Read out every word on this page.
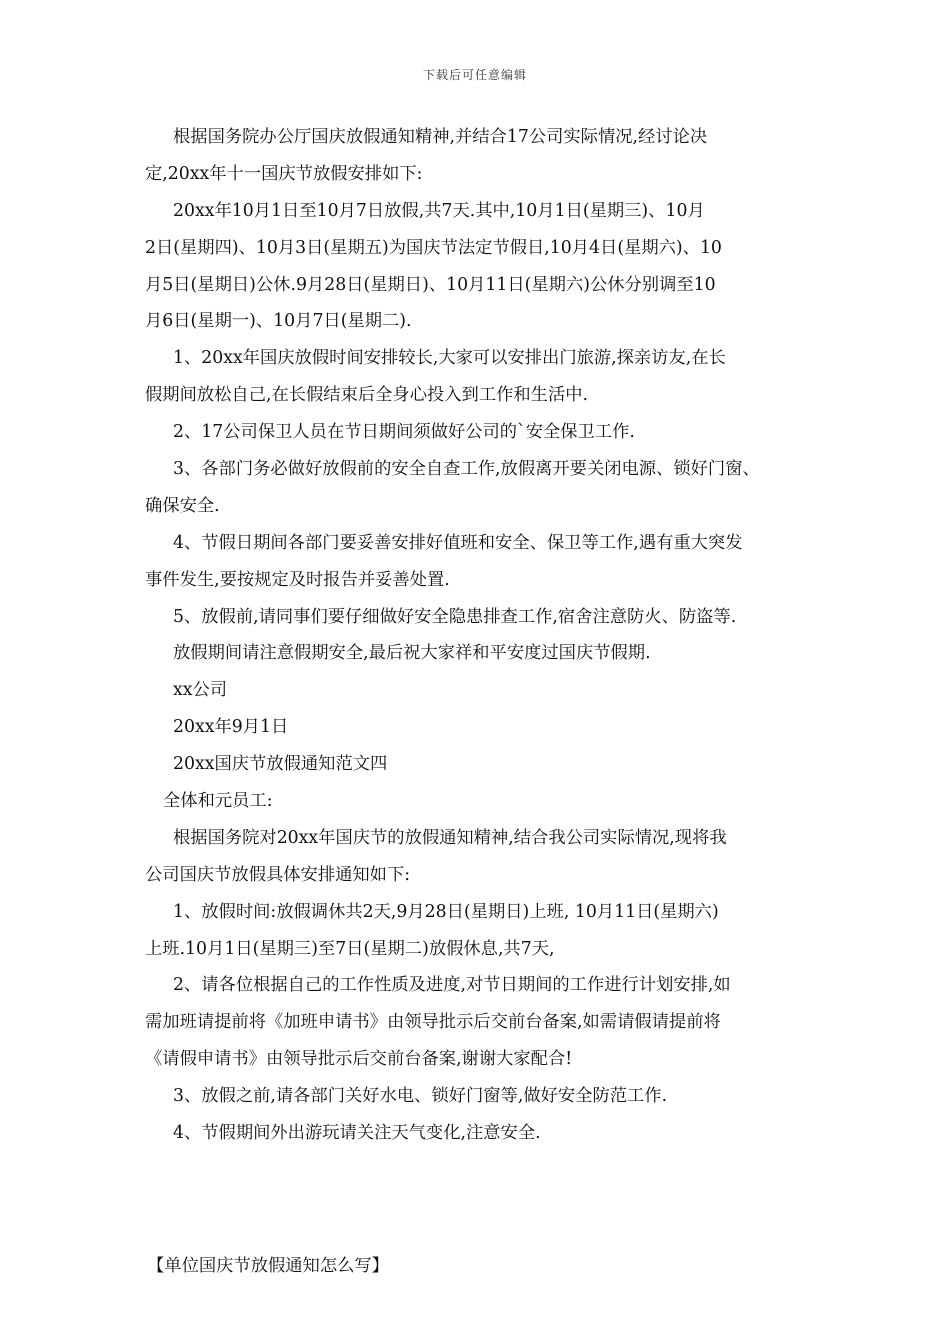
下载后可任意编辑
根据国务院办公厅国庆放假通知精神,并结合17公司实际情况,经讨论决
定,20xx年十一国庆节放假安排如下:
20xx年10月1日至10月7日放假,共7天.其中,10月1日(星期三)、10月
2日(星期四)、10月3日(星期五)为国庆节法定节假日,10月4日(星期六)、10
月5日(星期日)公休.9月28日(星期日)、10月11日(星期六)公休分别调至10
月6日(星期一)、10月7日(星期二).
1、20xx年国庆放假时间安排较长,大家可以安排出门旅游,探亲访友,在长
假期间放松自己,在长假结束后全身心投入到工作和生活中.
2、17公司保卫人员在节日期间须做好公司的`安全保卫工作.
3、各部门务必做好放假前的安全自查工作,放假离开要关闭电源、锁好门窗、
确保安全.
4、节假日期间各部门要妥善安排好值班和安全、保卫等工作,遇有重大突发
事件发生,要按规定及时报告并妥善处置.
5、放假前,请同事们要仔细做好安全隐患排查工作,宿舍注意防火、防盗等.
放假期间请注意假期安全,最后祝大家祥和平安度过国庆节假期.
xx公司
20xx年9月1日
20xx国庆节放假通知范文四
全体和元员工:
根据国务院对20xx年国庆节的放假通知精神,结合我公司实际情况,现将我
公司国庆节放假具体安排通知如下:
1、放假时间:放假调休共2天,9月28日(星期日)上班, 10月11日(星期六)
上班.10月1日(星期三)至7日(星期二)放假休息,共7天,
2、请各位根据自己的工作性质及进度,对节日期间的工作进行计划安排,如
需加班请提前将《加班申请书》由领导批示后交前台备案,如需请假请提前将
《请假申请书》由领导批示后交前台备案,谢谢大家配合!
3、放假之前,请各部门关好水电、锁好门窗等,做好安全防范工作.
4、节假期间外出游玩请关注天气变化,注意安全.
【单位国庆节放假通知怎么写】
